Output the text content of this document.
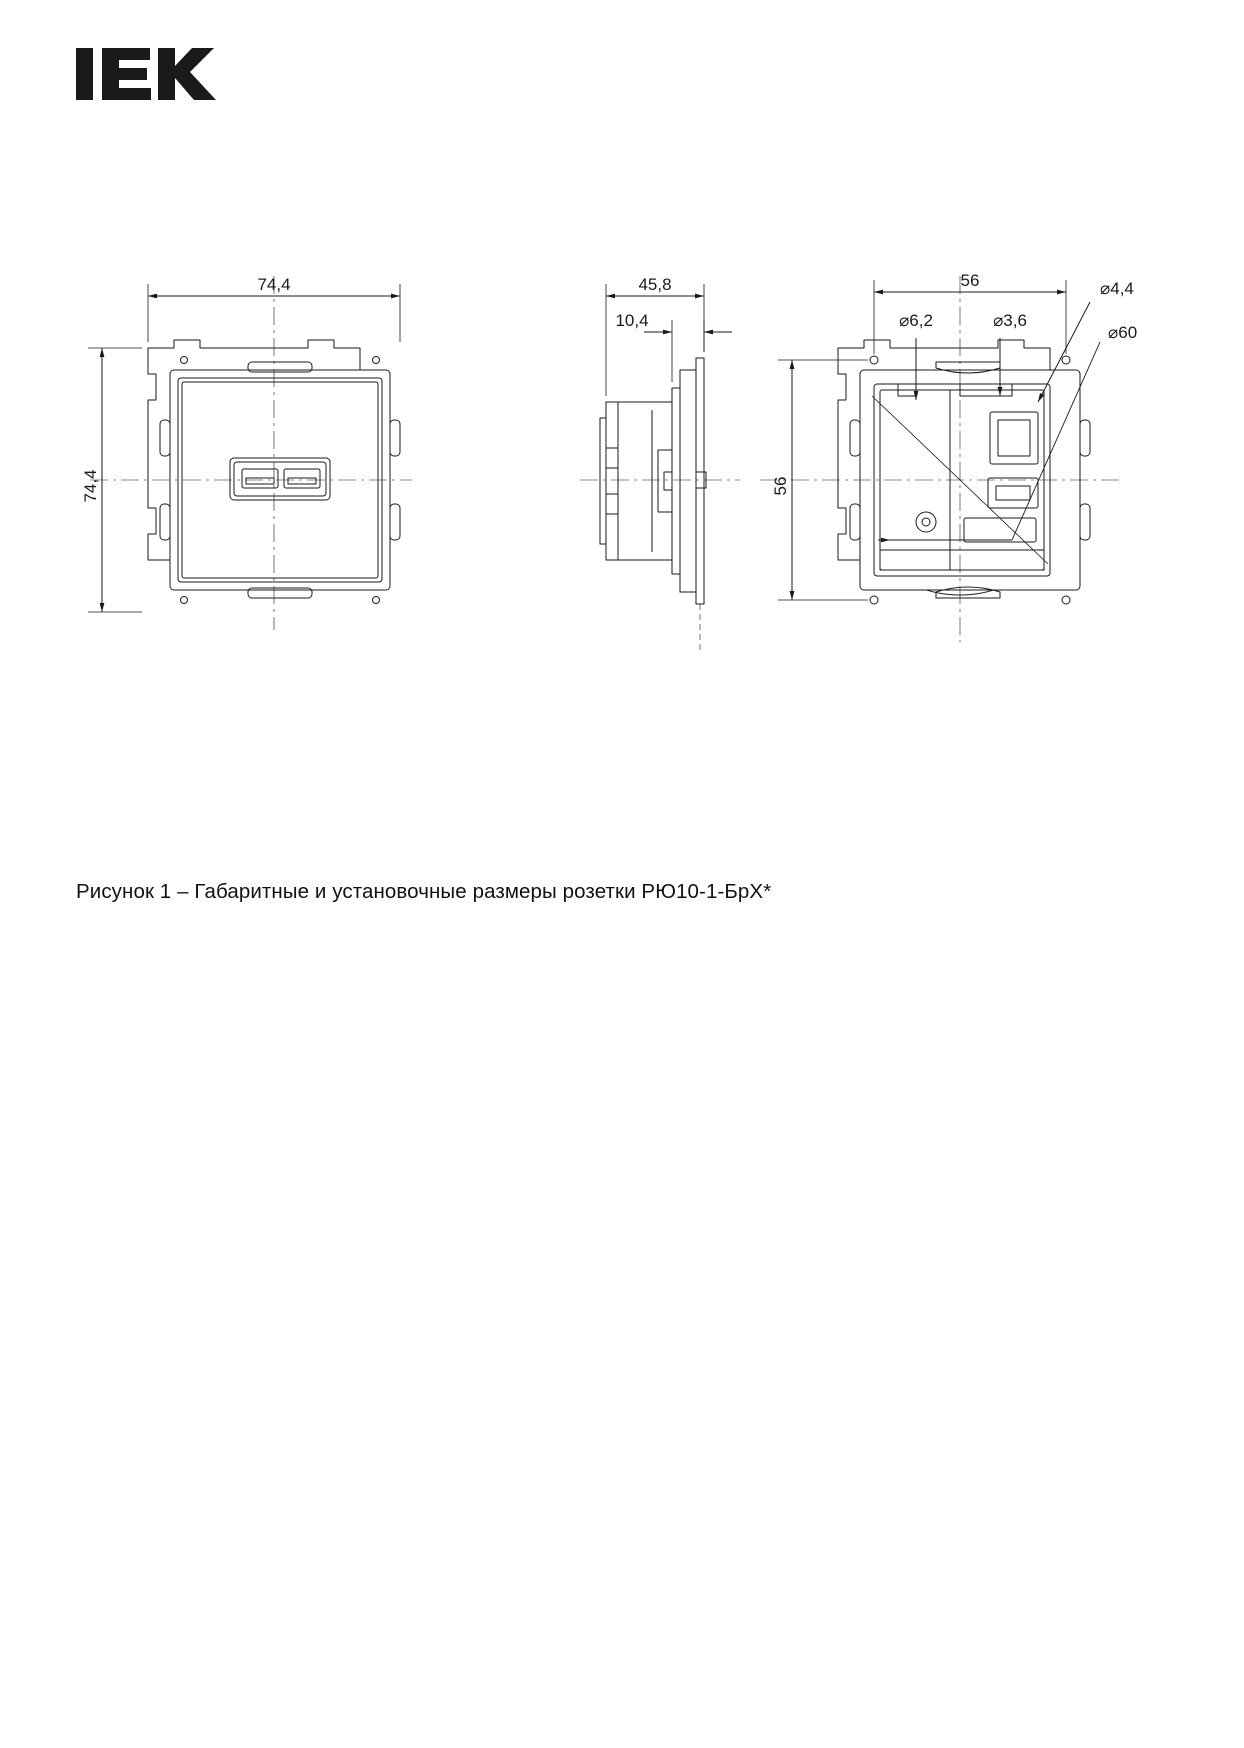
74,4
74,4
45,8
10,4
56
56
⌀6,2	⌀3,6
⌀4,4
⌀60
Рисунок 1 – Габаритные и установочные размеры розетки РЮ10-1-БрХ*
